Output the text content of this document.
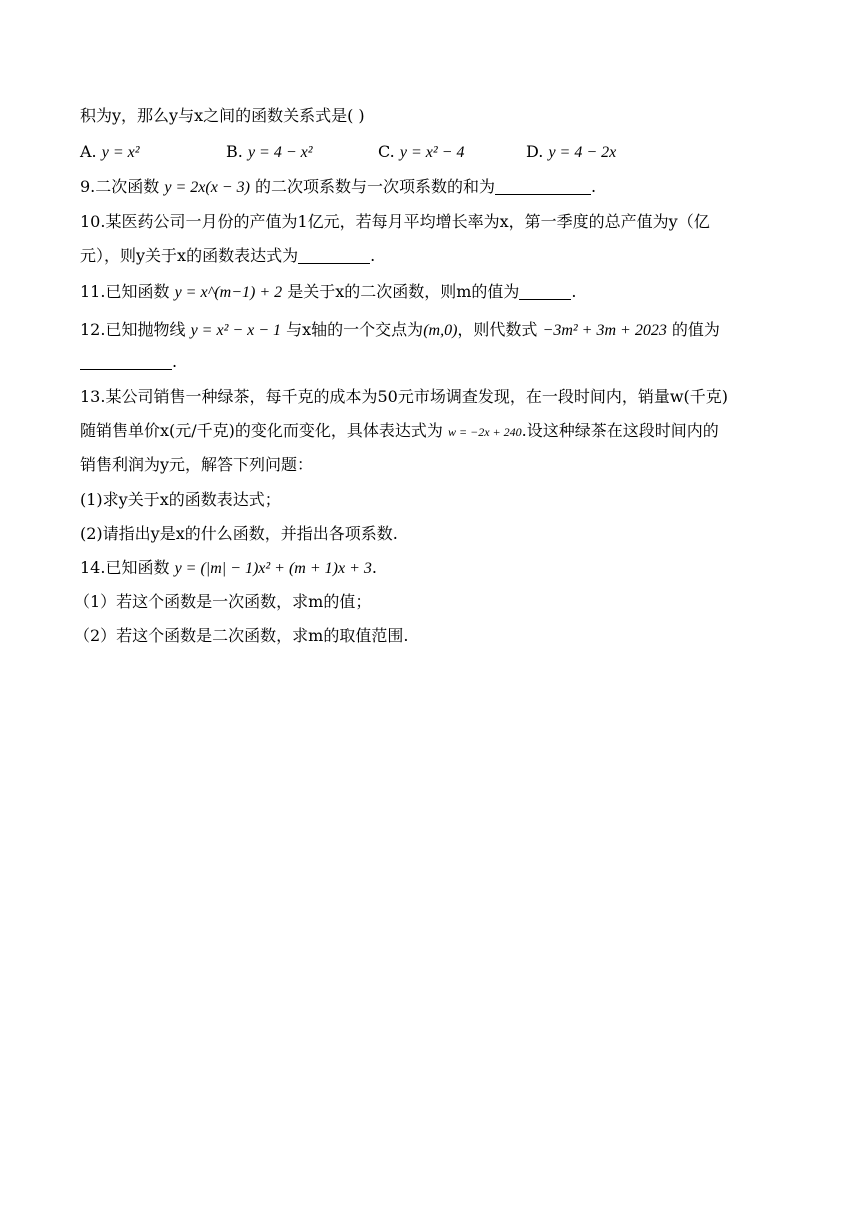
积为y，那么y与x之间的函数关系式是( )
A. y = x²	B. y = 4 − x²	C. y = x² − 4	D. y = 4 − 2x
9.二次函数 y = 2x(x − 3) 的二次项系数与一次项系数的和为	.
10.某医药公司一月份的产值为1亿元，若每月平均增长率为x，第一季度的总产值为y（亿
元），则y关于x的函数表达式为	.
11.已知函数 y = x^(m−1) + 2 是关于x的二次函数，则m的值为	.
12.已知抛物线 y = x² − x − 1 与x轴的一个交点为(m,0)，则代数式 −3m² + 3m + 2023 的值为
.
13.某公司销售一种绿茶，每千克的成本为50元市场调查发现，在一段时间内，销量w(千克)
随销售单价x(元/千克)的变化而变化，具体表达式为 w = −2x + 240.设这种绿茶在这段时间内的
销售利润为y元，解答下列问题：
(1)求y关于x的函数表达式；
(2)请指出y是x的什么函数，并指出各项系数.
14.已知函数 y = (|m| − 1)x² + (m + 1)x + 3.
（1）若这个函数是一次函数，求m的值；
（2）若这个函数是二次函数，求m的取值范围.
